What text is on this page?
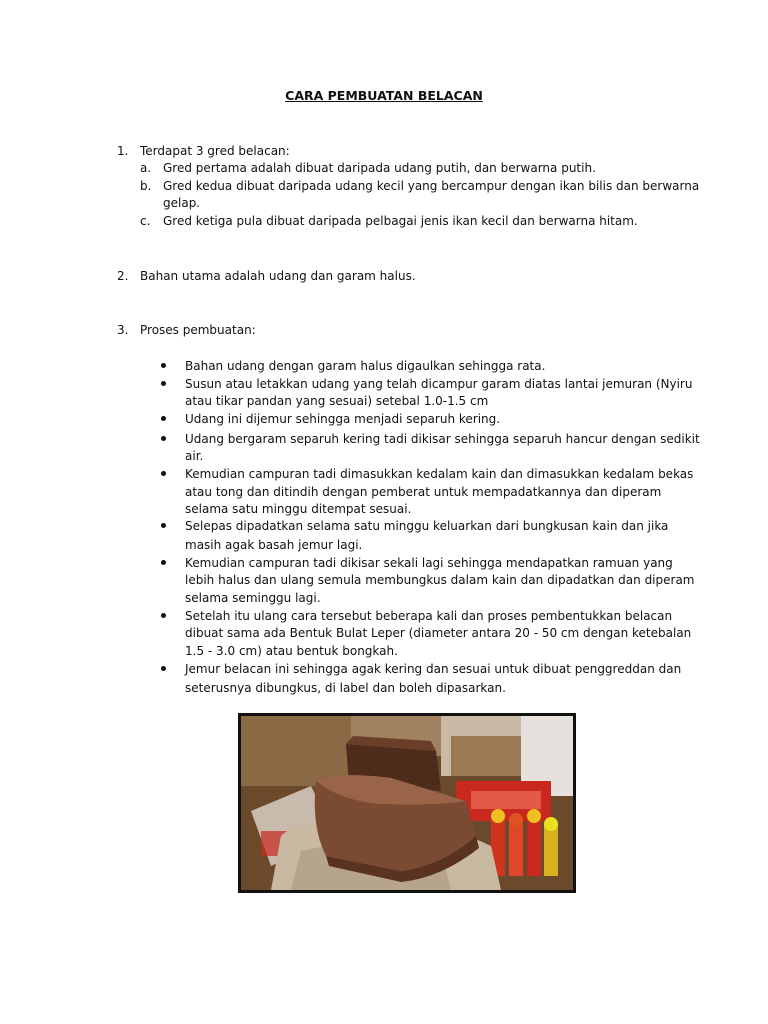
CARA PEMBUATAN BELACAN
1. Terdapat 3 gred belacan:
a. Gred pertama adalah dibuat daripada udang putih, dan berwarna putih.
b. Gred kedua dibuat daripada udang kecil yang bercampur dengan ikan bilis dan berwarna
gelap.
c. Gred ketiga pula dibuat daripada pelbagai jenis ikan kecil dan berwarna hitam.
2. Bahan utama adalah udang dan garam halus.
3. Proses pembuatan:
Bahan udang dengan garam halus digaulkan sehingga rata.
Susun atau letakkan udang yang telah dicampur garam diatas lantai jemuran (Nyiru
atau tikar pandan yang sesuai) setebal 1.0-1.5 cm
Udang ini dijemur sehingga menjadi separuh kering.
Udang bergaram separuh kering tadi dikisar sehingga separuh hancur dengan sedikit
air.
Kemudian campuran tadi dimasukkan kedalam kain dan dimasukkan kedalam bekas
atau tong dan ditindih dengan pemberat untuk mempadatkannya dan diperam
selama satu minggu ditempat sesuai.
Selepas dipadatkan selama satu minggu keluarkan dari bungkusan kain dan jika
masih agak basah jemur lagi.
Kemudian campuran tadi dikisar sekali lagi sehingga mendapatkan ramuan yang
lebih halus dan ulang semula membungkus dalam kain dan dipadatkan dan diperam
selama seminggu lagi.
Setelah itu ulang cara tersebut beberapa kali dan proses pembentukkan belacan
dibuat sama ada Bentuk Bulat Leper (diameter antara 20 - 50 cm dengan ketebalan
1.5 - 3.0 cm) atau bentuk bongkah.
Jemur belacan ini sehingga agak kering dan sesuai untuk dibuat penggreddan dan
seterusnya dibungkus, di label dan boleh dipasarkan.
